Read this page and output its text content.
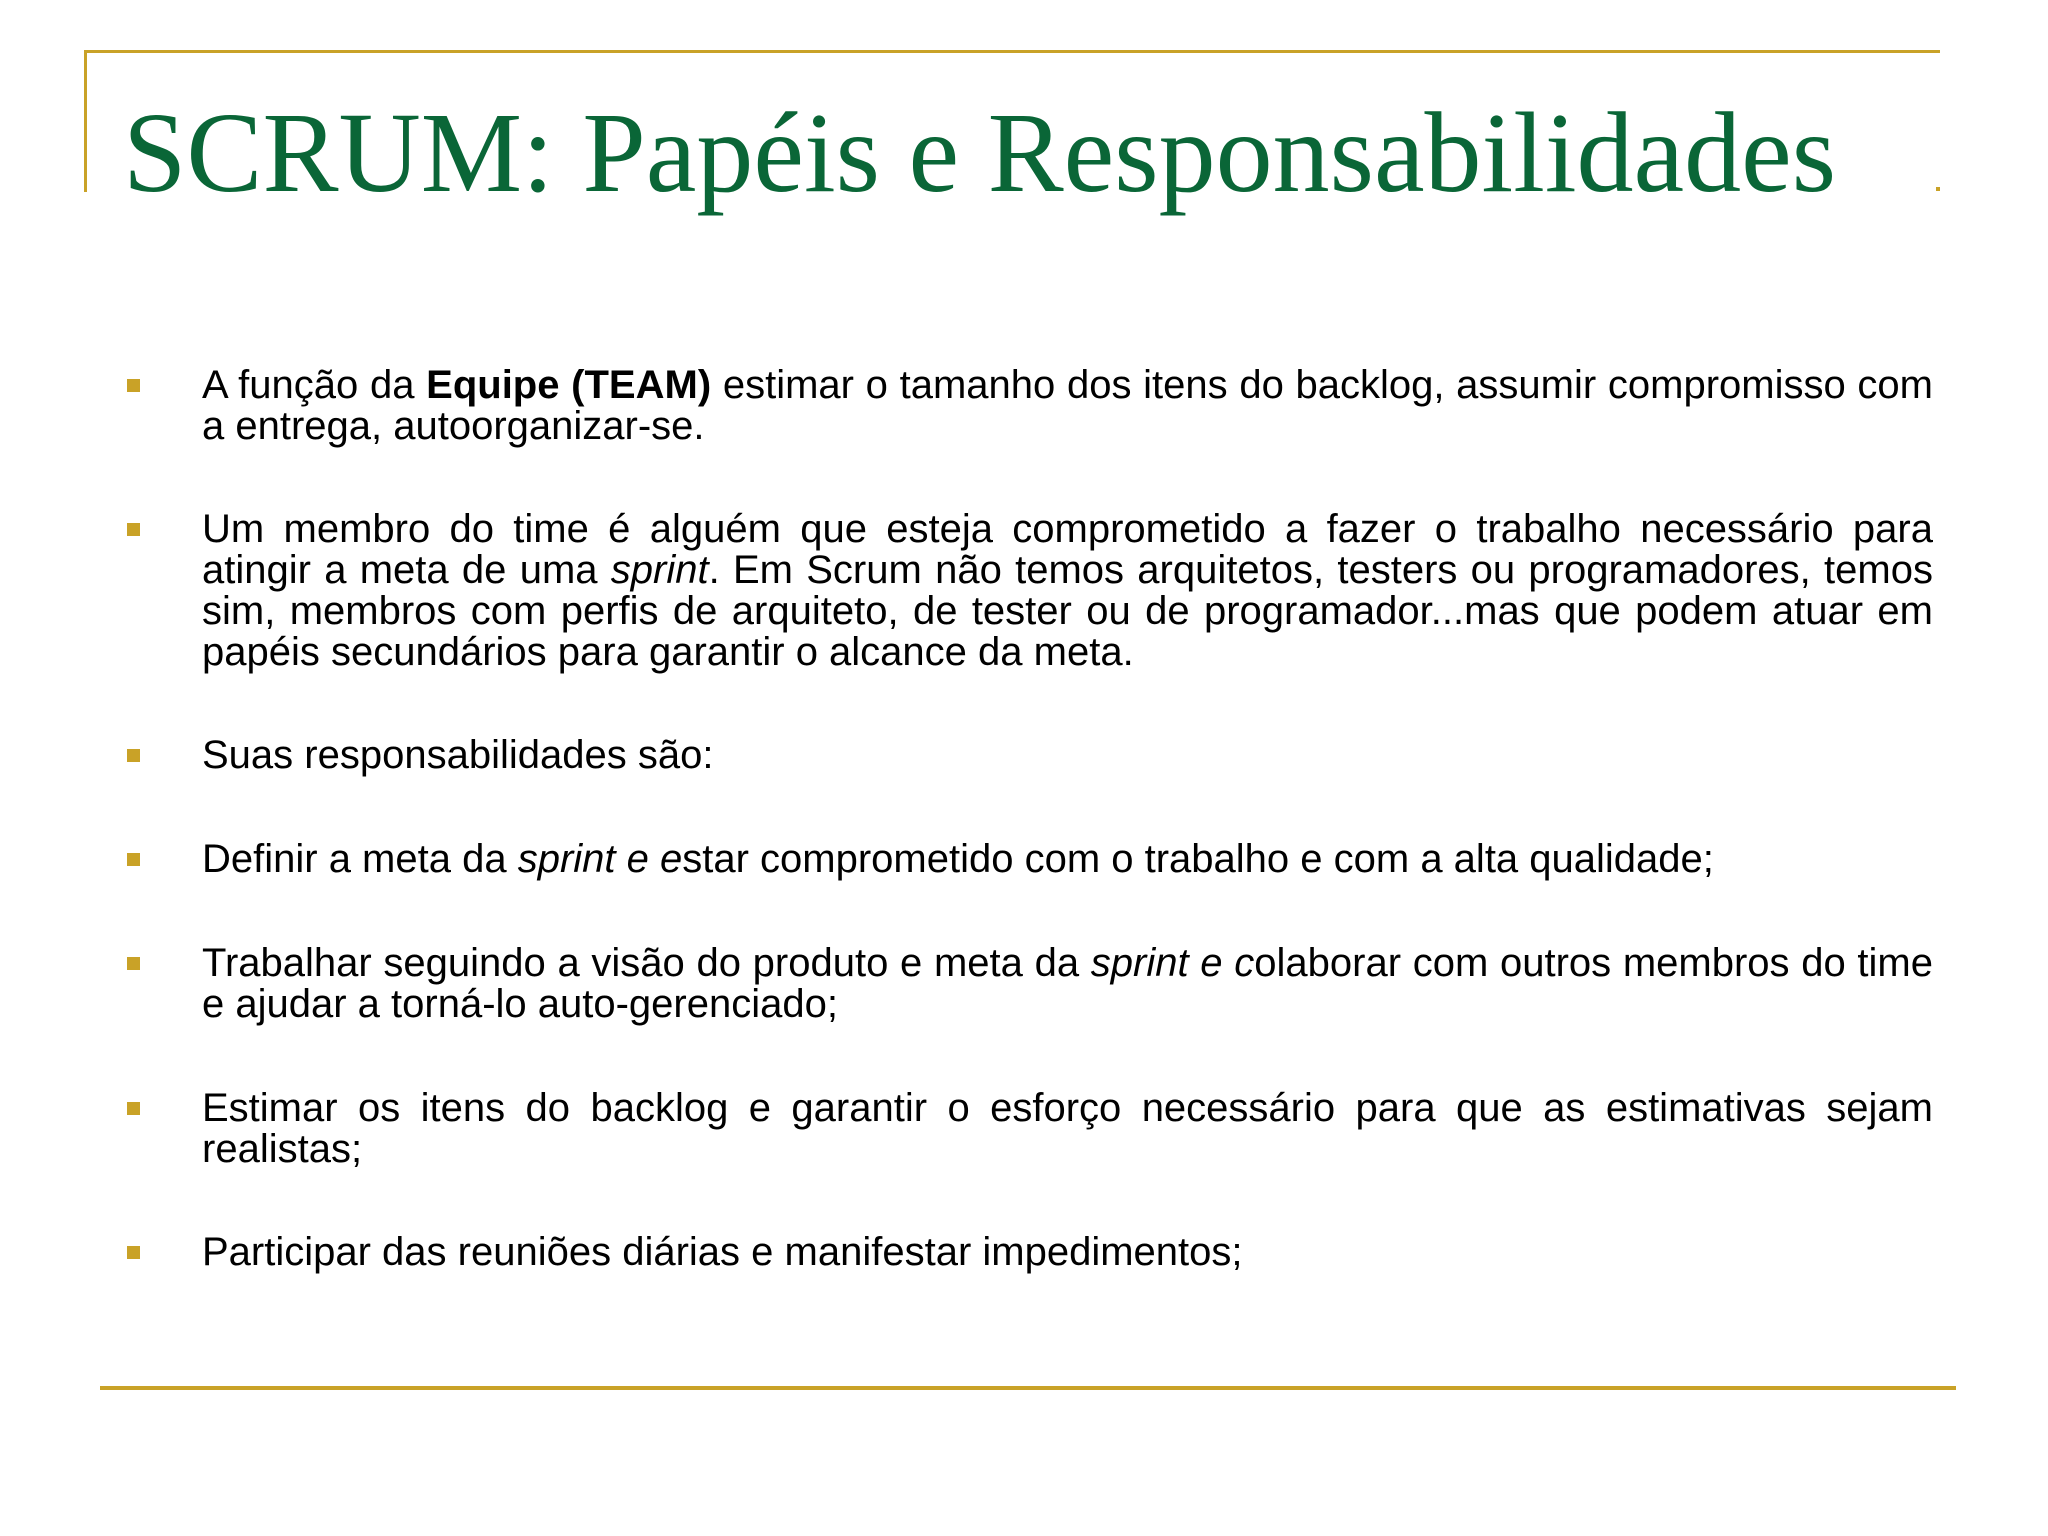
SCRUM: Papéis e Responsabilidades
A função da Equipe (TEAM) estimar o tamanho dos itens do backlog, assumir compromisso com a entrega, autoorganizar-se.
Um membro do time é alguém que esteja comprometido a fazer o trabalho necessário para atingir a meta de uma sprint. Em Scrum não temos arquitetos, testers ou programadores, temos sim, membros com perfis de arquiteto, de tester ou de programador...mas que podem atuar em papéis secundários para garantir o alcance da meta.
Suas responsabilidades são:
Definir a meta da sprint e estar comprometido com o trabalho e com a alta qualidade;
Trabalhar seguindo a visão do produto e meta da sprint e colaborar com outros membros do time e ajudar a torná-lo auto-gerenciado;
Estimar os itens do backlog e garantir o esforço necessário para que as estimativas sejam realistas;
Participar das reuniões diárias e manifestar impedimentos;
